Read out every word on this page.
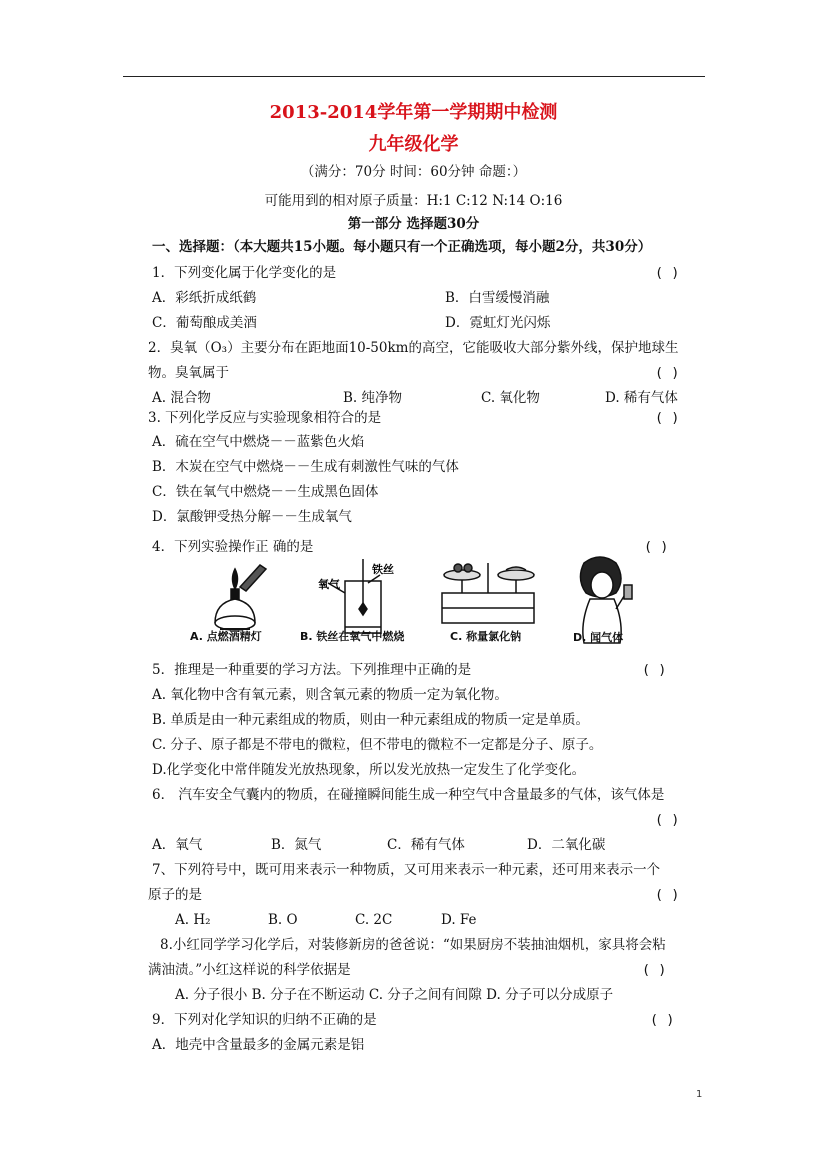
2013-2014学年第一学期期中检测
九年级化学
（满分：70分 时间：60分钟 命题：）
可能用到的相对原子质量：H:1 C:12 N:14 O:16
第一部分 选择题30分
一、选择题：（本大题共15小题。每小题只有一个正确选项，每小题2分，共30分）
1．下列变化属于化学变化的是	( )
A．彩纸折成纸鹤	B．白雪缓慢消融
C．葡萄酿成美酒	D．霓虹灯光闪烁
2．臭氧（O₃）主要分布在距地面10-50km的高空，它能吸收大部分紫外线，保护地球生
物。臭氧属于	( )
A. 混合物	B. 纯净物	C. 氧化物	D. 稀有气体
3. 下列化学反应与实验现象相符合的是	( )
A．硫在空气中燃烧－－蓝紫色火焰
B．木炭在空气中燃烧－－生成有刺激性气味的气体
C．铁在氧气中燃烧－－生成黑色固体
D．氯酸钾受热分解－－生成氧气
4．下列实验操作正 确的是	( )
氧气
铁丝
A. 点燃酒精灯	B. 铁丝在氧气中燃烧	C. 称量氯化钠	D. 闻气体
5．推理是一种重要的学习方法。下列推理中正确的是	( )
A. 氧化物中含有氧元素，则含氧元素的物质一定为氧化物。
B. 单质是由一种元素组成的物质，则由一种元素组成的物质一定是单质。
C. 分子、原子都是不带电的微粒，但不带电的微粒不一定都是分子、原子。
D.化学变化中常伴随发光放热现象，所以发光放热一定发生了化学变化。
6． 汽车安全气囊内的物质，在碰撞瞬间能生成一种空气中含量最多的气体，该气体是
( )
A．氧气	B．氮气	C．稀有气体	D．二氧化碳
7、下列符号中，既可用来表示一种物质，又可用来表示一种元素，还可用来表示一个
原子的是	( )
A. H₂	B. O	C. 2C	D. Fe
8.小红同学学习化学后，对装修新房的爸爸说：“如果厨房不装抽油烟机，家具将会粘
满油渍。”小红这样说的科学依据是	( )
A. 分子很小 B. 分子在不断运动 C. 分子之间有间隙 D. 分子可以分成原子
9．下列对化学知识的归纳不正确的是	( )
A．地壳中含量最多的金属元素是铝
1
